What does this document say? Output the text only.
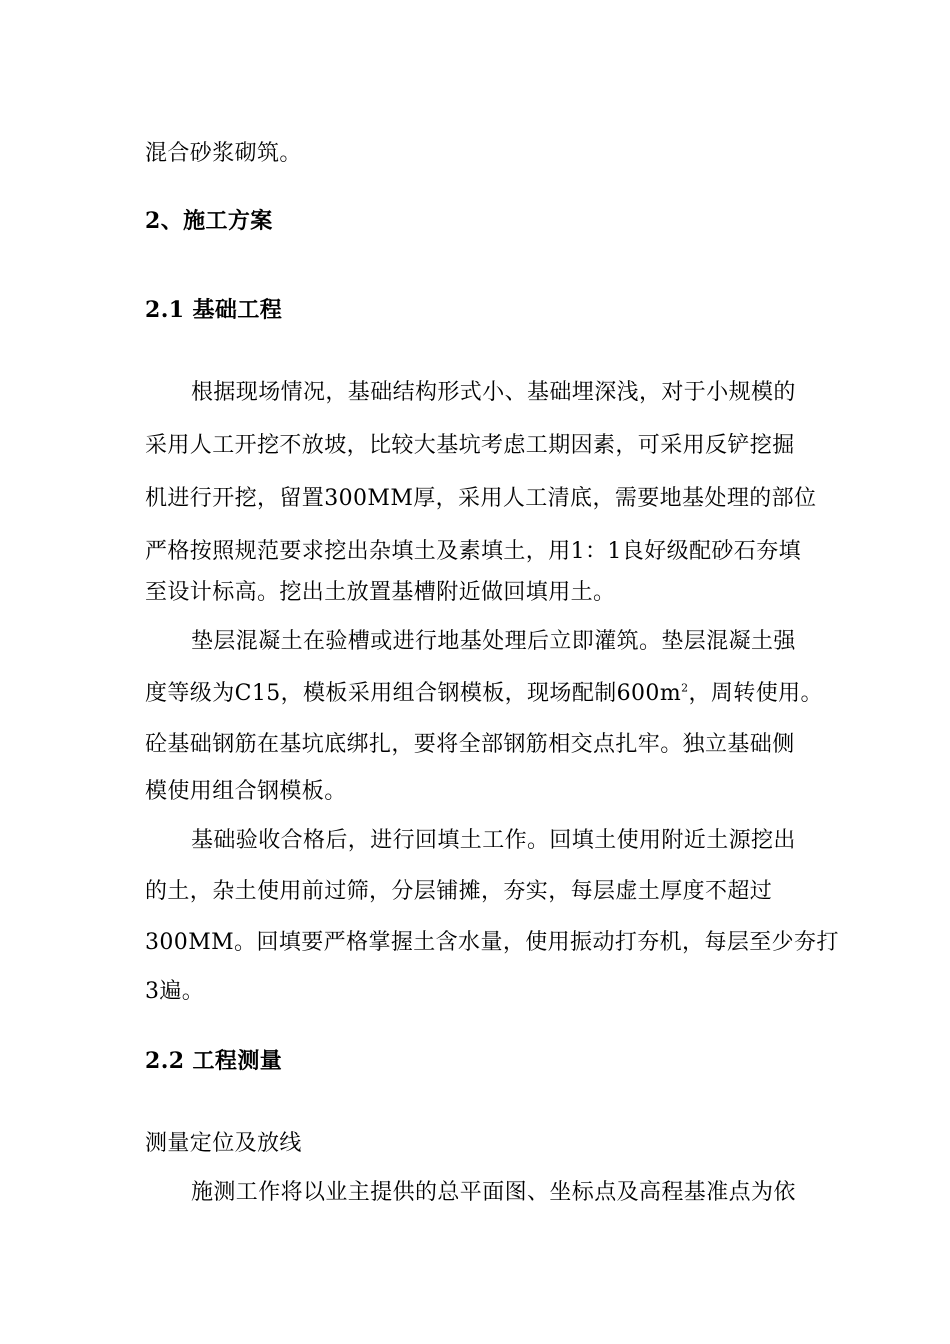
混合砂浆砌筑。
2、施工方案
2.1 基础工程
根据现场情况，基础结构形式小、基础埋深浅，对于小规模的
采用人工开挖不放坡，比较大基坑考虑工期因素，可采用反铲挖掘
机进行开挖，留置300MM厚，采用人工清底，需要地基处理的部位
严格按照规范要求挖出杂填土及素填土，用1：1良好级配砂石夯填
至设计标高。挖出土放置基槽附近做回填用土。
垫层混凝土在验槽或进行地基处理后立即灌筑。垫层混凝土强
度等级为C15，模板采用组合钢模板，现场配制$600m^2$，周转使用。
砼基础钢筋在基坑底绑扎，要将全部钢筋相交点扎牢。独立基础侧
模使用组合钢模板。
基础验收合格后，进行回填土工作。回填土使用附近土源挖出
的土，杂土使用前过筛，分层铺摊，夯实，每层虚土厚度不超过
300MM。回填要严格掌握土含水量，使用振动打夯机，每层至少夯打
3遍。
2.2 工程测量
测量定位及放线
施测工作将以业主提供的总平面图、坐标点及高程基准点为依
